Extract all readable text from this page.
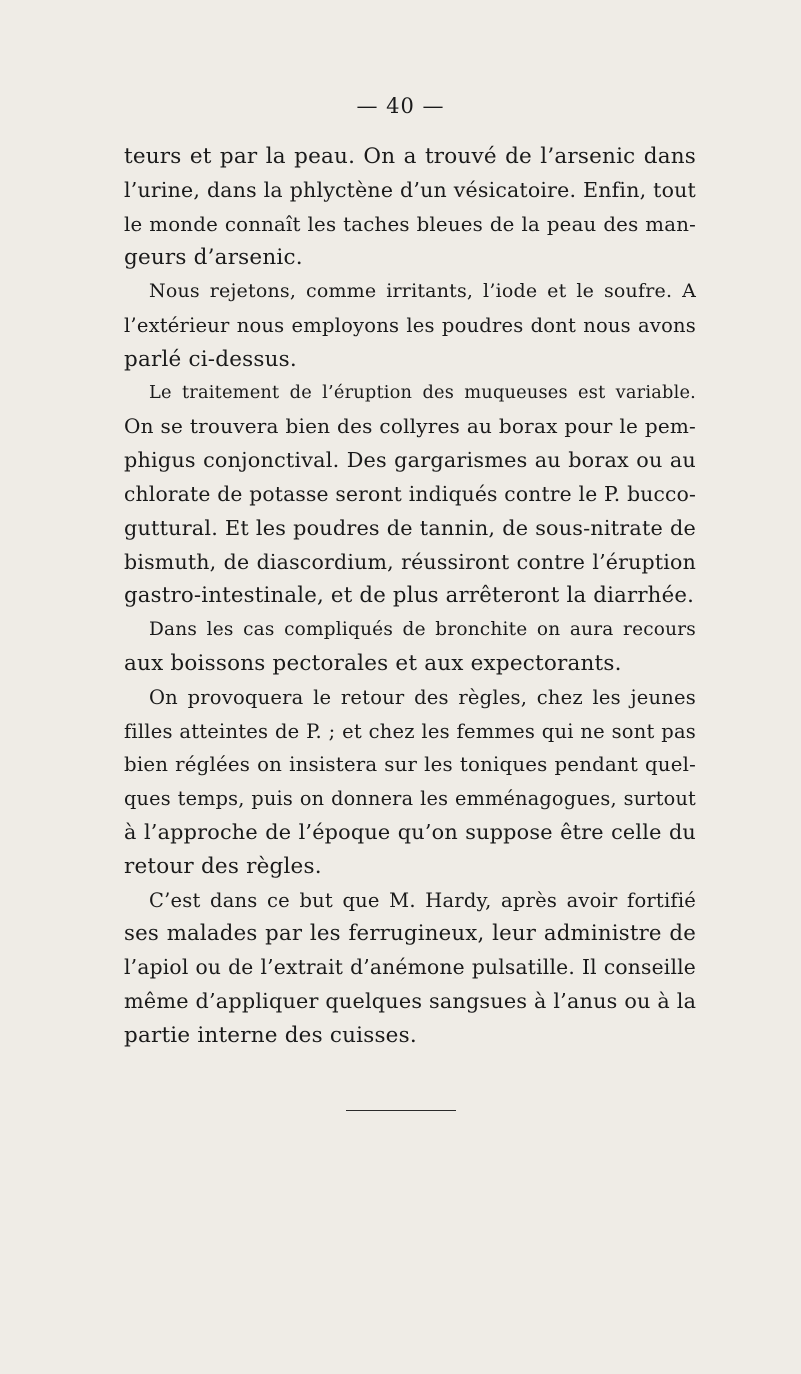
— 40 —
teurs et par la peau. On a trouvé de l’arsenic dans
l’urine, dans la phlyctène d’un vésicatoire. Enfin, tout
le monde connaît les taches bleues de la peau des man-
geurs d’arsenic.
Nous rejetons, comme irritants, l’iode et le soufre. A
l’extérieur nous employons les poudres dont nous avons
parlé ci-dessus.
Le traitement de l’éruption des muqueuses est variable.
On se trouvera bien des collyres au borax pour le pem-
phigus conjonctival. Des gargarismes au borax ou au
chlorate de potasse seront indiqués contre le P. bucco-
guttural. Et les poudres de tannin, de sous-nitrate de
bismuth, de diascordium, réussiront contre l’éruption
gastro-intestinale, et de plus arrêteront la diarrhée.
Dans les cas compliqués de bronchite on aura recours
aux boissons pectorales et aux expectorants.
On provoquera le retour des règles, chez les jeunes
filles atteintes de P. ; et chez les femmes qui ne sont pas
bien réglées on insistera sur les toniques pendant quel-
ques temps, puis on donnera les emménagogues, surtout
à l’approche de l’époque qu’on suppose être celle du
retour des règles.
C’est dans ce but que M. Hardy, après avoir fortifié
ses malades par les ferrugineux, leur administre de
l’apiol ou de l’extrait d’anémone pulsatille. Il conseille
même d’appliquer quelques sangsues à l’anus ou à la
partie interne des cuisses.
